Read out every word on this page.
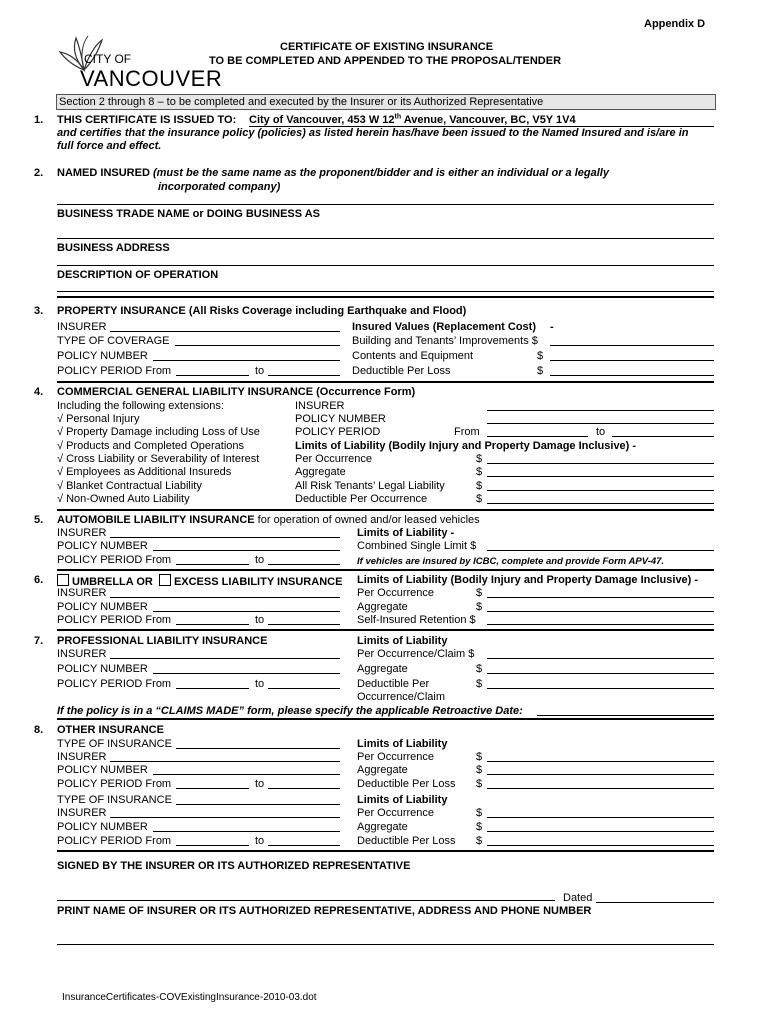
Appendix D
CITY OF
VANCOUVER
CERTIFICATE OF EXISTING INSURANCE
TO BE COMPLETED AND APPENDED TO THE PROPOSAL/TENDER
Section 2 through 8 – to be completed and executed by the Insurer or its Authorized Representative
1. THIS CERTIFICATE IS ISSUED TO: City of Vancouver, 453 W 12th Avenue, Vancouver, BC, V5Y 1V4
and certifies that the insurance policy (policies) as listed herein has/have been issued to the Named Insured and is/are in
full force and effect.
2. NAMED INSURED (must be the same name as the proponent/bidder and is either an individual or a legally
incorporated company)
BUSINESS TRADE NAME or DOING BUSINESS AS
BUSINESS ADDRESS
DESCRIPTION OF OPERATION
3. PROPERTY INSURANCE (All Risks Coverage including Earthquake and Flood)
INSURER
TYPE OF COVERAGE
POLICY NUMBER
POLICY PERIOD From	to
Insured Values (Replacement Cost) -
Building and Tenants’ Improvements $
Contents and Equipment	$
Deductible Per Loss	$
4. COMMERCIAL GENERAL LIABILITY INSURANCE (Occurrence Form)
Including the following extensions:
√ Personal Injury
√ Property Damage including Loss of Use
√ Products and Completed Operations
√ Cross Liability or Severability of Interest
√ Employees as Additional Insureds
√ Blanket Contractual Liability
√ Non-Owned Auto Liability
INSURER
POLICY NUMBER
POLICY PERIOD	From	to
Limits of Liability (Bodily Injury and Property Damage Inclusive) -
Per Occurrence	$
Aggregate	$
All Risk Tenants’ Legal Liability	$
Deductible Per Occurrence	$
5. AUTOMOBILE LIABILITY INSURANCE for operation of owned and/or leased vehicles
INSURER
POLICY NUMBER
POLICY PERIOD From	to
Limits of Liability -
Combined Single Limit $
If vehicles are insured by ICBC, complete and provide Form APV-47.
6.	UMBRELLA OR EXCESS LIABILITY INSURANCE Limits of Liability (Bodily Injury and Property Damage Inclusive) -
INSURER
POLICY NUMBER
POLICY PERIOD From	to
Per Occurrence	$
Aggregate	$
Self-Insured Retention $
7. PROFESSIONAL LIABILITY INSURANCE	Limits of Liability
INSURER
POLICY NUMBER
POLICY PERIOD From	to
Per Occurrence/Claim $
Aggregate	$
Deductible Per	$
Occurrence/Claim
If the policy is in a “CLAIMS MADE” form, please specify the applicable Retroactive Date:
8. OTHER INSURANCE
TYPE OF INSURANCE
INSURER
POLICY NUMBER
POLICY PERIOD From	to
Limits of Liability
Per Occurrence	$
Aggregate	$
Deductible Per Loss $
TYPE OF INSURANCE
INSURER
POLICY NUMBER
POLICY PERIOD From	to
Limits of Liability
Per Occurrence	$
Aggregate	$
Deductible Per Loss $
SIGNED BY THE INSURER OR ITS AUTHORIZED REPRESENTATIVE
Dated
PRINT NAME OF INSURER OR ITS AUTHORIZED REPRESENTATIVE, ADDRESS AND PHONE NUMBER
InsuranceCertificates-COVExistingInsurance-2010-03.dot
